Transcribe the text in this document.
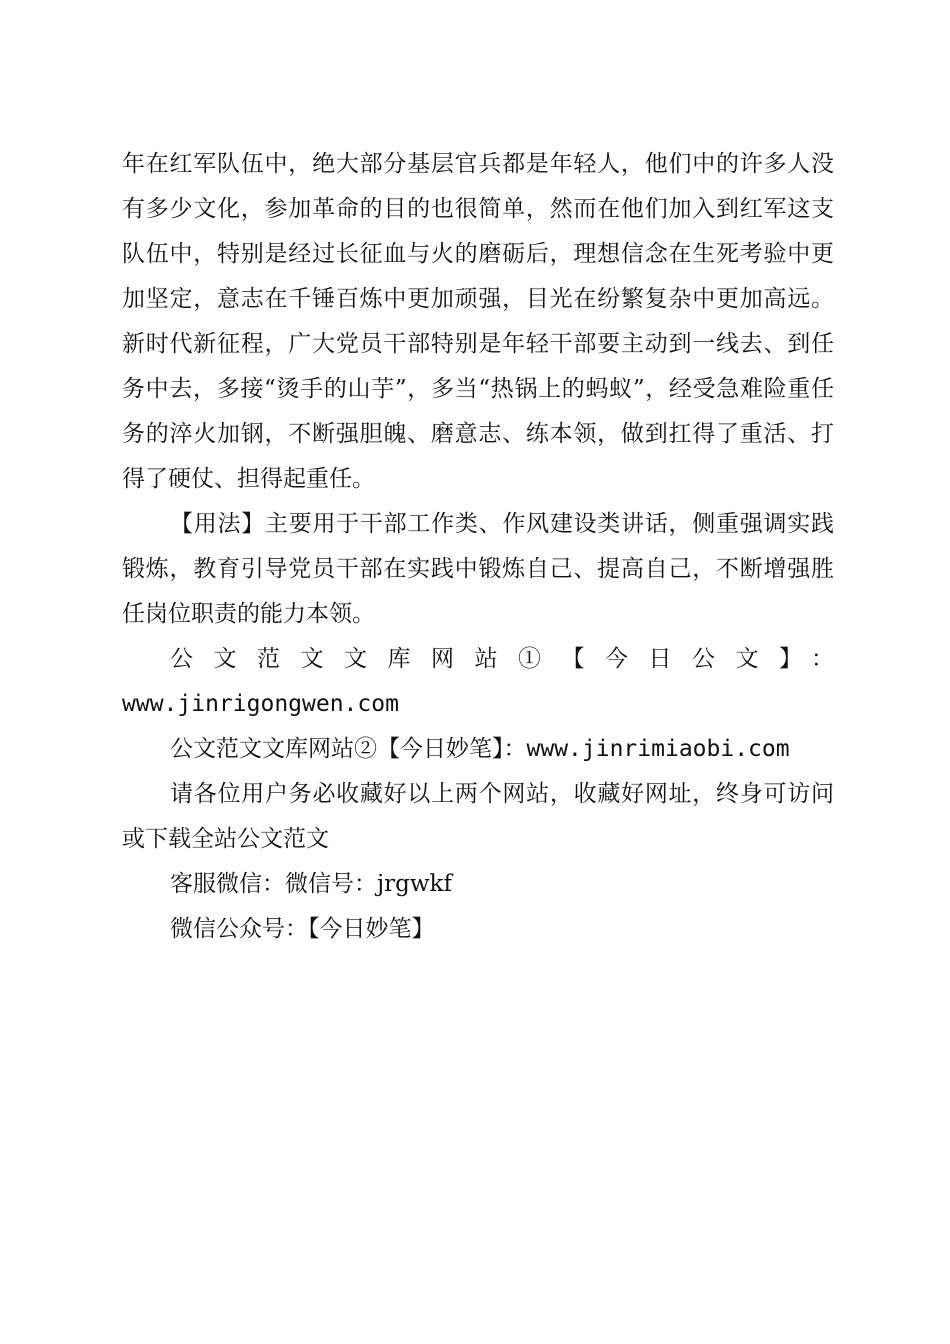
年在红军队伍中，绝大部分基层官兵都是年轻人，他们中的许多人没有多少文化，参加革命的目的也很简单，然而在他们加入到红军这支队伍中，特别是经过长征血与火的磨砺后，理想信念在生死考验中更加坚定，意志在千锤百炼中更加顽强，目光在纷繁复杂中更加高远。新时代新征程，广大党员干部特别是年轻干部要主动到一线去、到任务中去，多接“烫手的山芋”，多当“热锅上的蚂蚁”，经受急难险重任务的淬火加钢，不断强胆魄、磨意志、练本领，做到扛得了重活、打得了硬仗、担得起重任。

【用法】主要用于干部工作类、作风建设类讲话，侧重强调实践锻炼，教育引导党员干部在实践中锻炼自己、提高自己，不断增强胜任岗位职责的能力本领。

公文范文文库网站①【今日公文】：

www.jinrigongwen.com

公文范文文库网站②【今日妙笔】：www.jinrimiaobi.com

请各位用户务必收藏好以上两个网站，收藏好网址，终身可访问或下载全站公文范文

客服微信：微信号：jrgwkf

微信公众号：【今日妙笔】
